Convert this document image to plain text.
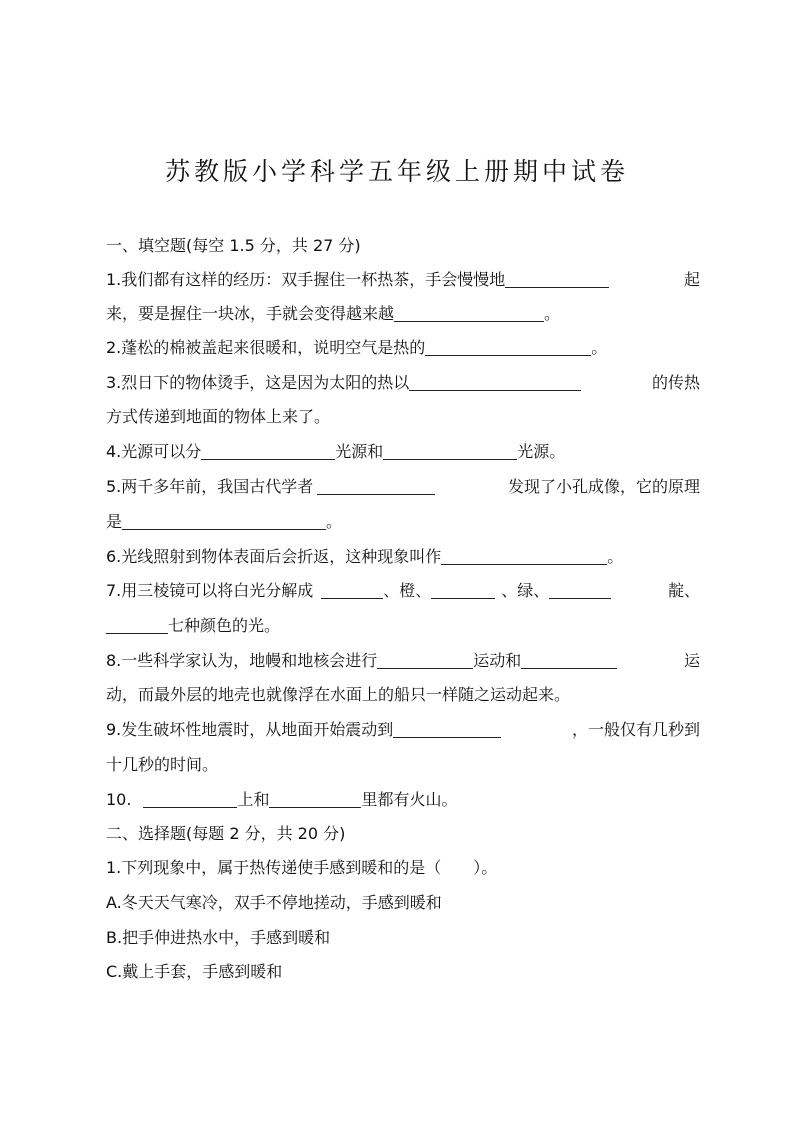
苏教版小学科学五年级上册期中试卷
一、填空题(每空 1.5 分，共 27 分)
1.我们都有这样的经历：双手握住一杯热茶，手会慢慢地	起
来，要是握住一块冰，手就会变得越来越	。
2.蓬松的棉被盖起来很暖和，说明空气是热的	。
3.烈日下的物体烫手，这是因为太阳的热以	的传热
方式传递到地面的物体上来了。
4.光源可以分	光源和	光源。
5.两千多年前，我国古代学者	发现了小孔成像，它的原理
是	。
6.光线照射到物体表面后会折返，这种现象叫作	。
7.用三棱镜可以将白光分解成	、橙、	、绿、	靛、
七种颜色的光。
8.一些科学家认为，地幔和地核会进行	运动和	运
动，而最外层的地壳也就像浮在水面上的船只一样随之运动起来。
9.发生破坏性地震时，从地面开始震动到	，一般仅有几秒到
十几秒的时间。
10.	上和	里都有火山。
二、选择题(每题 2 分，共 20 分)
1.下列现象中，属于热传递使手感到暖和的是（　　）。
A.冬天天气寒冷，双手不停地搓动，手感到暖和
B.把手伸进热水中，手感到暖和
C.戴上手套，手感到暖和
